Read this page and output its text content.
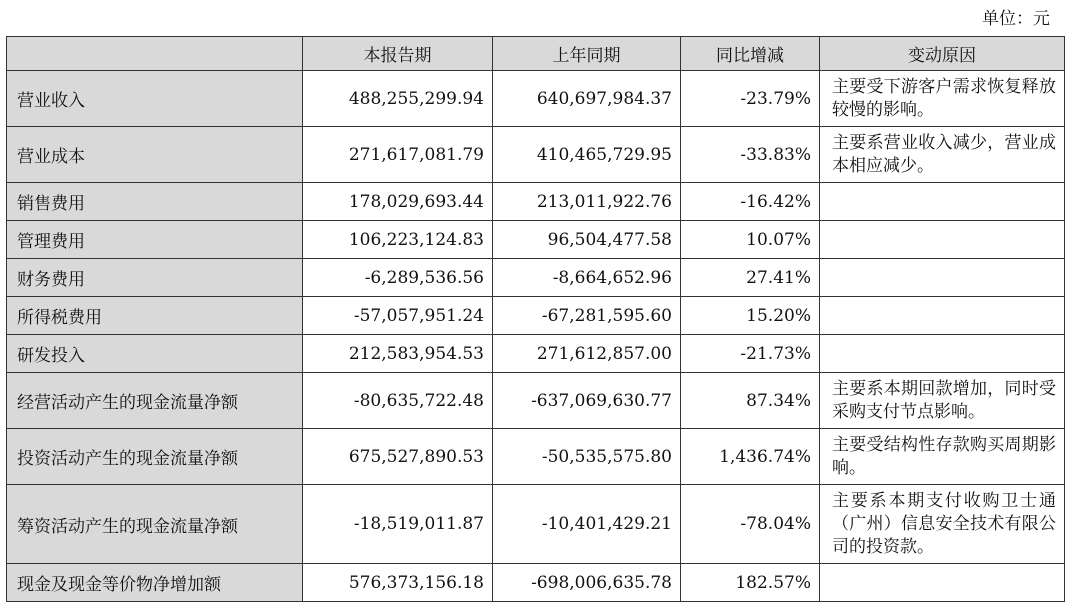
单位：元
	本报告期	上年同期	同比增减	变动原因
营业收入	488,255,299.94	640,697,984.37	-23.79%	主要受下游客户需求恢复释放较慢的影响。
营业成本	271,617,081.79	410,465,729.95	-33.83%	主要系营业收入减少，营业成本相应减少。
销售费用	178,029,693.44	213,011,922.76	-16.42%	
管理费用	106,223,124.83	96,504,477.58	10.07%	
财务费用	-6,289,536.56	-8,664,652.96	27.41%	
所得税费用	-57,057,951.24	-67,281,595.60	15.20%	
研发投入	212,583,954.53	271,612,857.00	-21.73%	
经营活动产生的现金流量净额	-80,635,722.48	-637,069,630.77	87.34%	主要系本期回款增加，同时受采购支付节点影响。
投资活动产生的现金流量净额	675,527,890.53	-50,535,575.80	1,436.74%	主要受结构性存款购买周期影响。
筹资活动产生的现金流量净额	-18,519,011.87	-10,401,429.21	-78.04%	主要系本期支付收购卫士通（广州）信息安全技术有限公司的投资款。
现金及现金等价物净增加额	576,373,156.18	-698,006,635.78	182.57%	
